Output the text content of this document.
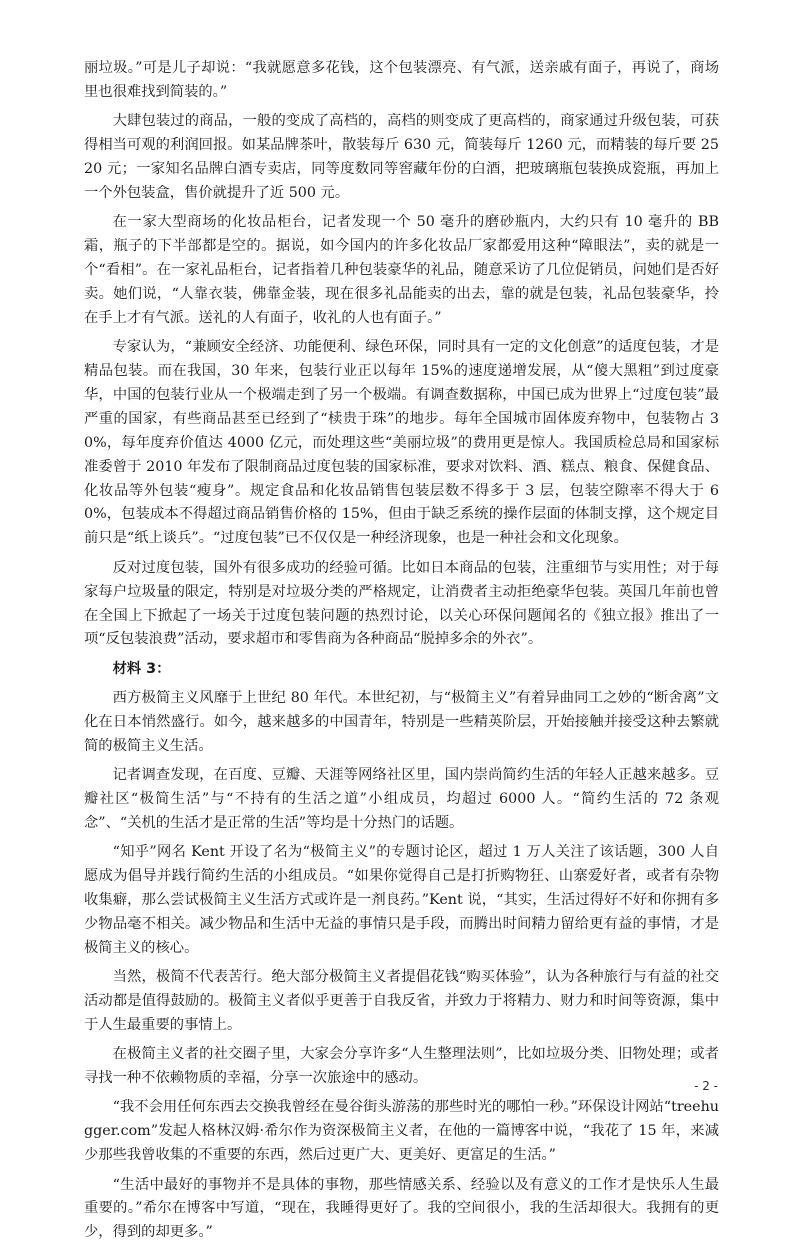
丽垃圾。”可是儿子却说：“我就愿意多花钱，这个包装漂亮、有气派，送亲戚有面子，再说了，商场里也很难找到简装的。”

大肆包装过的商品，一般的变成了高档的，高档的则变成了更高档的，商家通过升级包装，可获得相当可观的利润回报。如某品牌茶叶，散装每斤 630 元，简装每斤 1260 元，而精装的每斤要 2520 元；一家知名品牌白酒专卖店，同等度数同等窖藏年份的白酒，把玻璃瓶包装换成瓷瓶，再加上一个外包装盒，售价就提升了近 500 元。

在一家大型商场的化妆品柜台，记者发现一个 50 毫升的磨砂瓶内，大约只有 10 毫升的 BB 霜，瓶子的下半部都是空的。据说，如今国内的许多化妆品厂家都爱用这种“障眼法”，卖的就是一个“看相”。在一家礼品柜台，记者指着几种包装豪华的礼品，随意采访了几位促销员，问她们是否好卖。她们说，“人靠衣装，佛靠金装，现在很多礼品能卖的出去，靠的就是包装，礼品包装豪华，拎在手上才有气派。送礼的人有面子，收礼的人也有面子。”

专家认为，“兼顾安全经济、功能便利、绿色环保，同时具有一定的文化创意”的适度包装，才是精品包装。而在我国，30 年来，包装行业正以每年 15%的速度递增发展，从“傻大黑粗”到过度豪华，中国的包装行业从一个极端走到了另一个极端。有调查数据称，中国已成为世界上“过度包装”最严重的国家，有些商品甚至已经到了“椟贵于珠”的地步。每年全国城市固体废弃物中，包装物占 30%，每年度弃价值达 4000 亿元，而处理这些“美丽垃圾”的费用更是惊人。我国质检总局和国家标准委曾于 2010 年发布了限制商品过度包装的国家标准，要求对饮料、酒、糕点、粮食、保健食品、化妆品等外包装“瘦身”。规定食品和化妆品销售包装层数不得多于 3 层，包装空隙率不得大于 60%，包装成本不得超过商品销售价格的 15%，但由于缺乏系统的操作层面的体制支撑，这个规定目前只是“纸上谈兵”。“过度包装”已不仅仅是一种经济现象，也是一种社会和文化现象。

反对过度包装，国外有很多成功的经验可循。比如日本商品的包装，注重细节与实用性；对于每家每户垃圾量的限定，特别是对垃圾分类的严格规定，让消费者主动拒绝豪华包装。英国几年前也曾在全国上下掀起了一场关于过度包装问题的热烈讨论，以关心环保问题闻名的《独立报》推出了一项“反包装浪费”活动，要求超市和零售商为各种商品“脱掉多余的外衣”。

材料 3：

西方极简主义风靡于上世纪 80 年代。本世纪初，与“极简主义”有着异曲同工之妙的“断舍离”文化在日本悄然盛行。如今，越来越多的中国青年，特别是一些精英阶层，开始接触并接受这种去繁就简的极简主义生活。

记者调查发现，在百度、豆瓣、天涯等网络社区里，国内崇尚简约生活的年轻人正越来越多。豆瓣社区“极简生活”与“不持有的生活之道”小组成员，均超过 6000 人。“简约生活的 72 条观念”、“关机的生活才是正常的生活”等均是十分热门的话题。

“知乎”网名 Kent 开设了名为“极简主义”的专题讨论区，超过 1 万人关注了该话题，300 人自愿成为倡导并践行简约生活的小组成员。“如果你觉得自己是打折购物狂、山寨爱好者，或者有杂物收集癖，那么尝试极简主义生活方式或许是一剂良药。”Kent 说，“其实，生活过得好不好和你拥有多少物品毫不相关。减少物品和生活中无益的事情只是手段，而腾出时间精力留给更有益的事情，才是极简主义的核心。

当然，极简不代表苦行。绝大部分极简主义者提倡花钱“购买体验”，认为各种旅行与有益的社交活动都是值得鼓励的。极简主义者似乎更善于自我反省，并致力于将精力、财力和时间等资源，集中于人生最重要的事情上。

在极简主义者的社交圈子里，大家会分享许多“人生整理法则”，比如垃圾分类、旧物处理；或者寻找一种不依赖物质的幸福，分享一次旅途中的感动。

“我不会用任何东西去交换我曾经在曼谷街头游荡的那些时光的哪怕一秒。”环保设计网站“treehugger.com”发起人格林汉姆·希尔作为资深极简主义者，在他的一篇博客中说，“我花了 15 年，来减少那些我曾收集的不重要的东西，然后过更广大、更美好、更富足的生活。”

“生活中最好的事物并不是具体的事物，那些情感关系、经验以及有意义的工作才是快乐人生最重要的。”希尔在博客中写道，“现在，我睡得更好了。我的空间很小，我的生活却很大。我拥有的更少，得到的却更多。”

- 2 -
